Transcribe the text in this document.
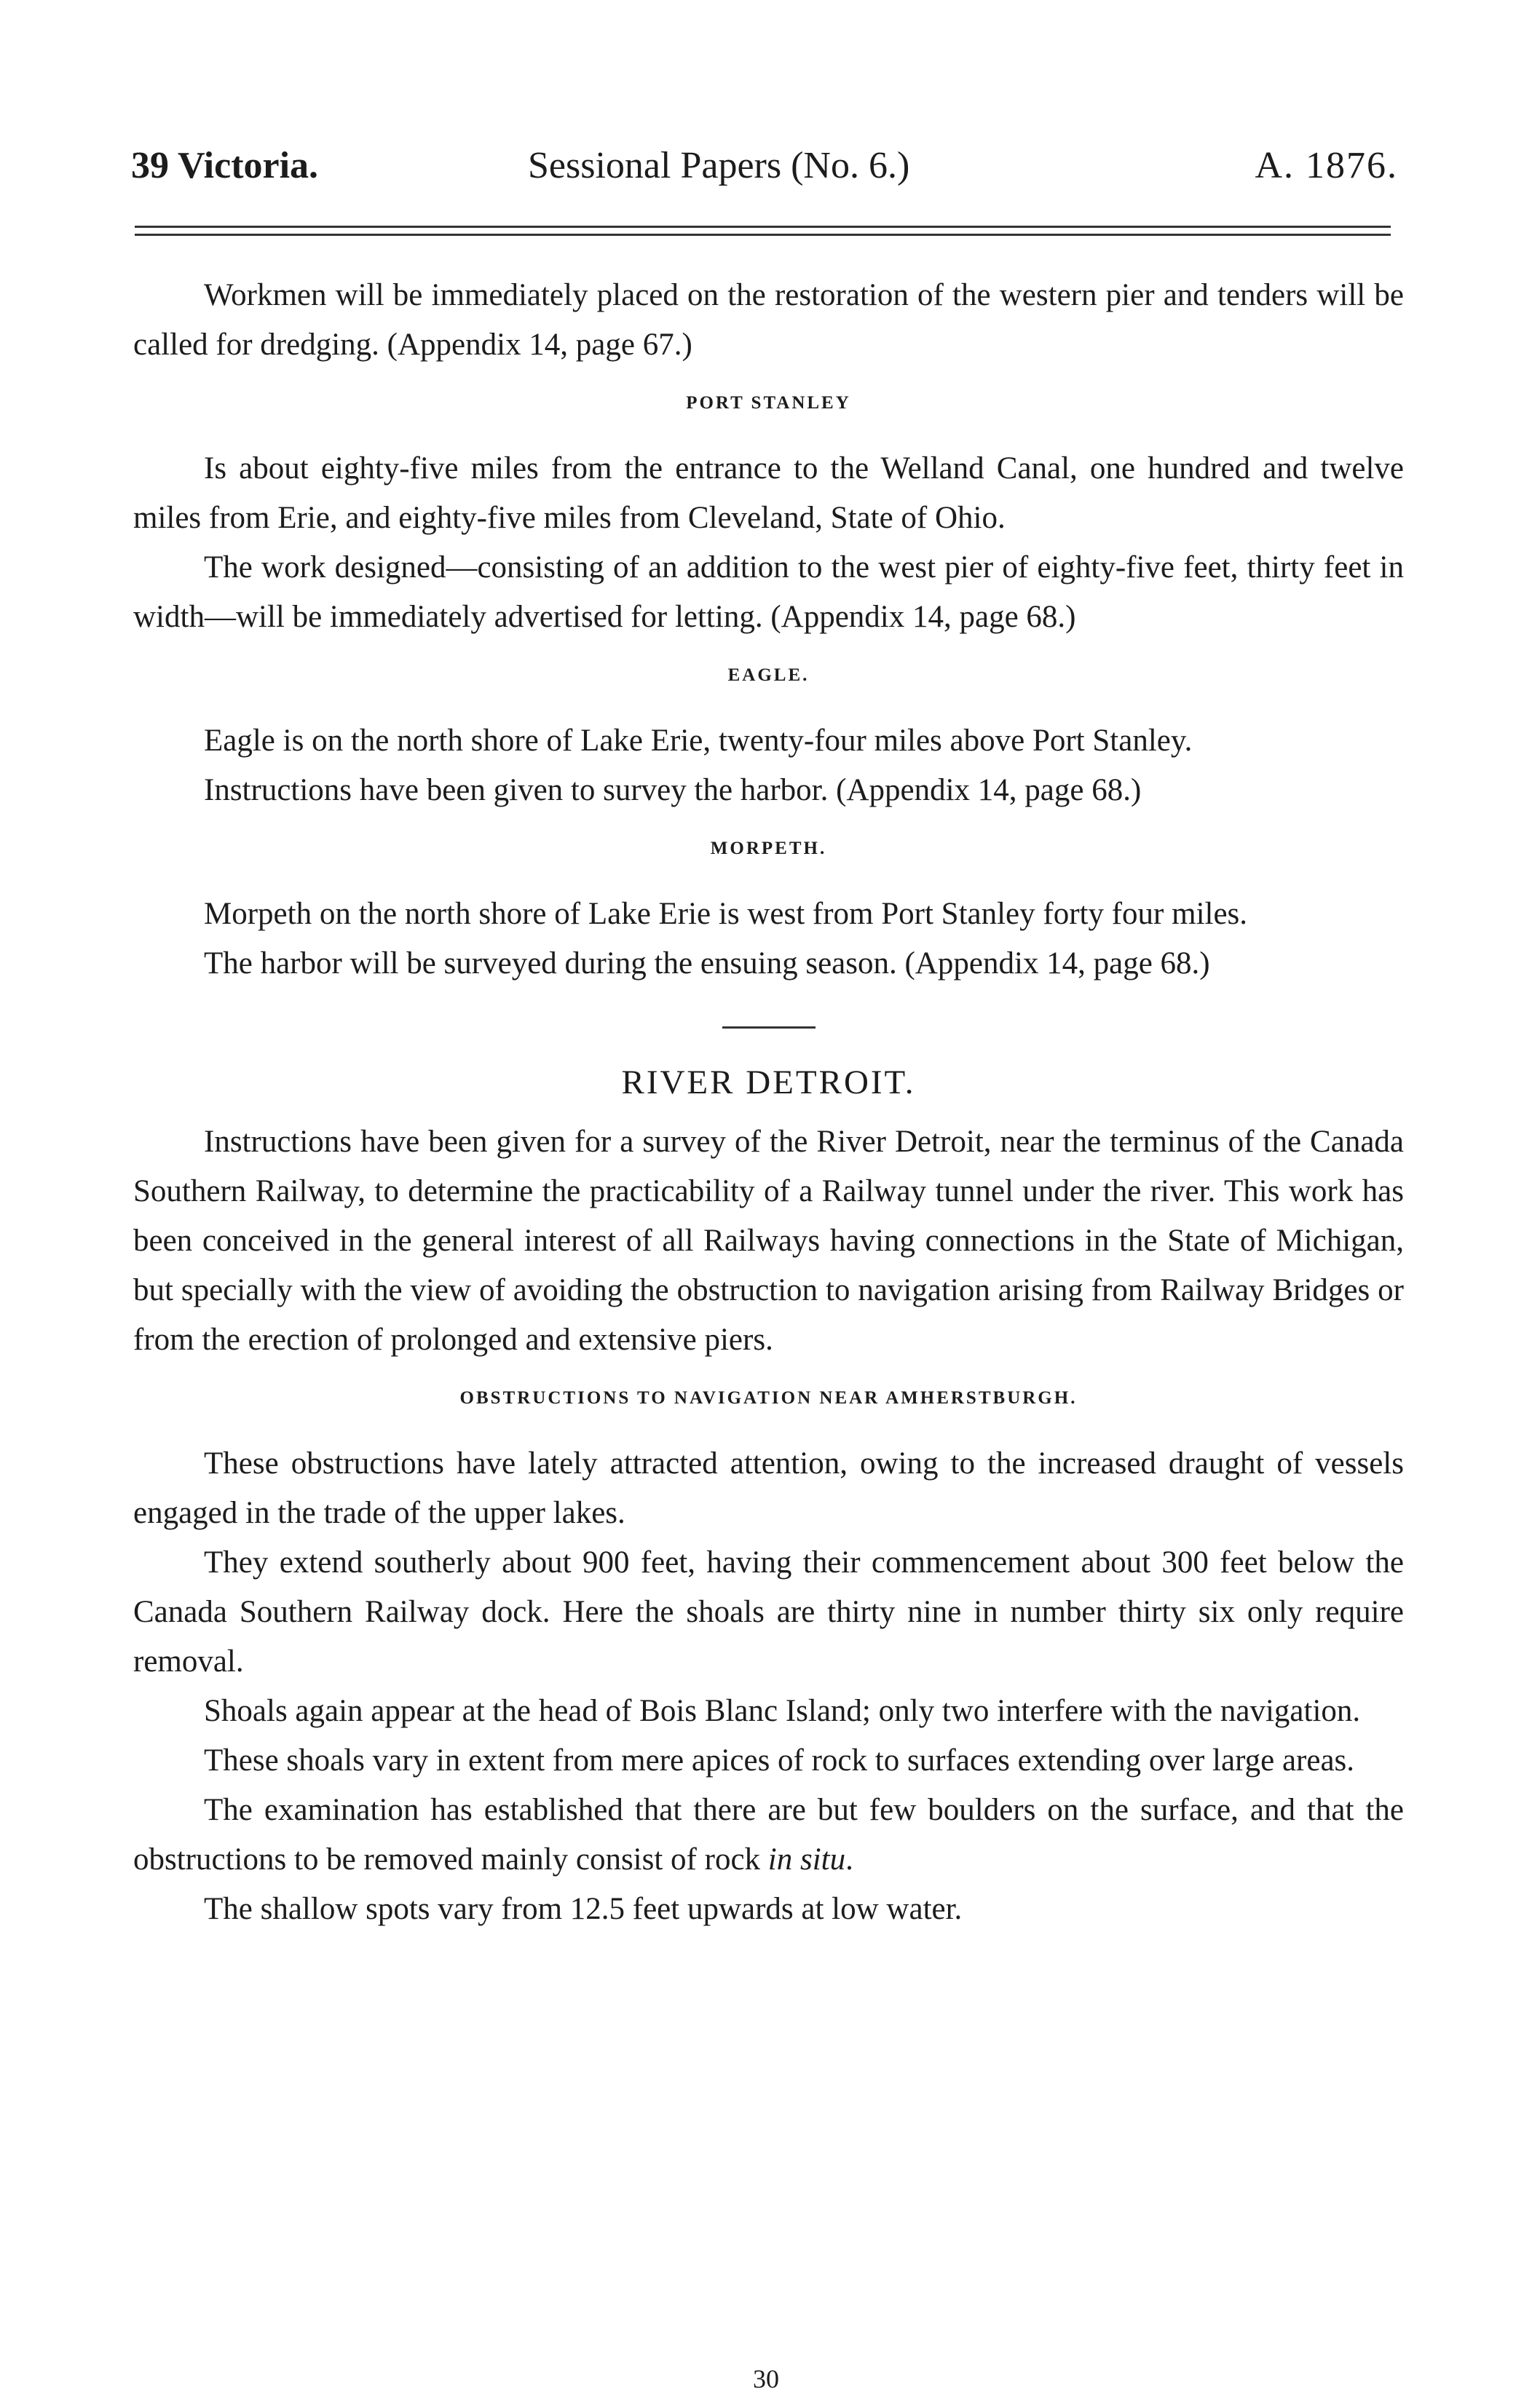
39 Victoria.	Sessional Papers (No. 6.)	A. 1876.

Workmen will be immediately placed on the restoration of the western pier and tenders will be called for dredging. (Appendix 14, page 67.)

PORT STANLEY

Is about eighty-five miles from the entrance to the Welland Canal, one hundred and twelve miles from Erie, and eighty-five miles from Cleveland, State of Ohio.

The work designed—consisting of an addition to the west pier of eighty-five feet, thirty feet in width—will be immediately advertised for letting. (Appendix 14, page 68.)

EAGLE.

Eagle is on the north shore of Lake Erie, twenty-four miles above Port Stanley.

Instructions have been given to survey the harbor. (Appendix 14, page 68.)

MORPETH.

Morpeth on the north shore of Lake Erie is west from Port Stanley forty four miles.

The harbor will be surveyed during the ensuing season. (Appendix 14, page 68.)

RIVER DETROIT.

Instructions have been given for a survey of the River Detroit, near the terminus of the Canada Southern Railway, to determine the practicability of a Railway tunnel under the river. This work has been conceived in the general interest of all Railways having connections in the State of Michigan, but specially with the view of avoiding the obstruction to navigation arising from Railway Bridges or from the erection of prolonged and extensive piers.

OBSTRUCTIONS TO NAVIGATION NEAR AMHERSTBURGH.

These obstructions have lately attracted attention, owing to the increased draught of vessels engaged in the trade of the upper lakes.

They extend southerly about 900 feet, having their commencement about 300 feet below the Canada Southern Railway dock. Here the shoals are thirty nine in number thirty six only require removal.

Shoals again appear at the head of Bois Blanc Island; only two interfere with the navigation.

These shoals vary in extent from mere apices of rock to surfaces extending over large areas.

The examination has established that there are but few boulders on the surface, and that the obstructions to be removed mainly consist of rock in situ.

The shallow spots vary from 12.5 feet upwards at low water.

30
